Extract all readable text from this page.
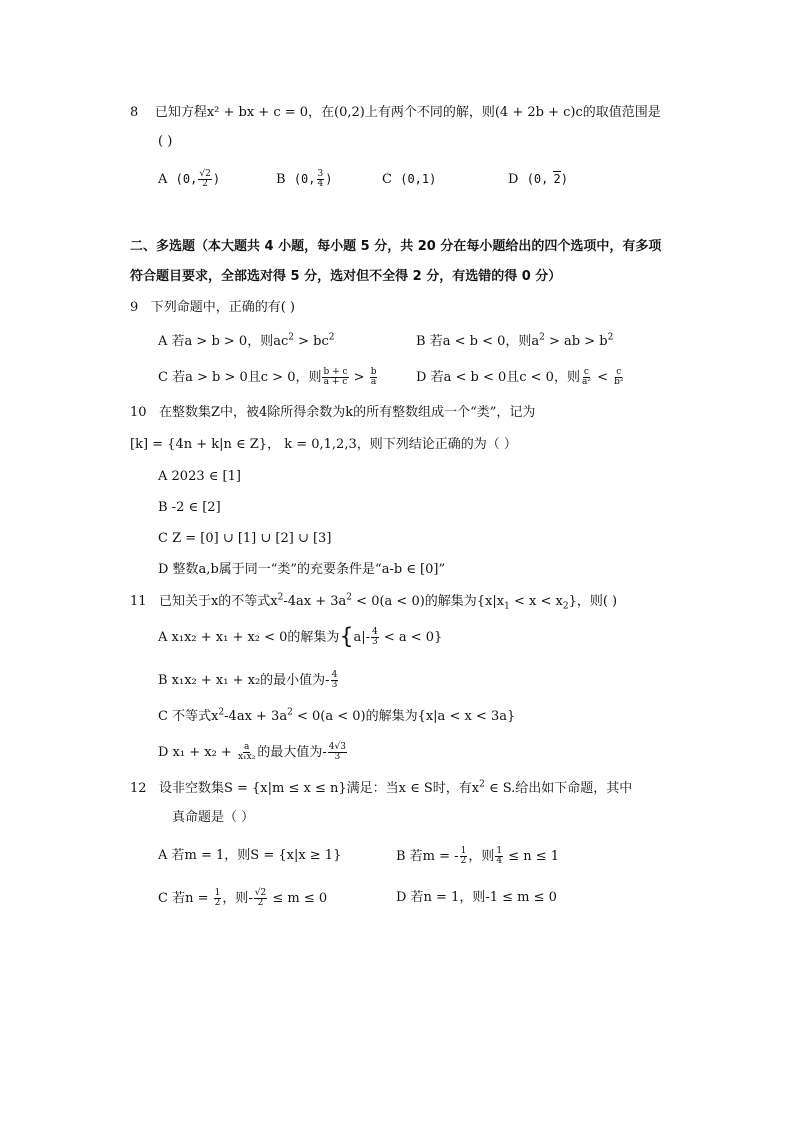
8 已知方程x² + bx + c = 0，在(0,2)上有两个不同的解，则(4 + 2b + c)c的取值范围是
( )
A (0, $\frac{√2}{2}$ )	B (0, $\frac{3}{4}$ )	C (0,1)	D (0, 2)
二、多选题（本大题共 4 小题，每小题 5 分，共 20 分在每小题给出的四个选项中，有多项
符合题目要求，全部选对得 5 分，选对但不全得 2 分，有选错的得 0 分）
9 下列命题中，正确的有( )
A 若a > b > 0，则$ac^2 > bc^2$	B 若a < b < 0，则$a^2$ > ab > $b^2$
C 若a > b > 0且c > 0，则 $\frac{b + c}{a + c} > \frac{b}{a}$	D 若a < b < 0且c < 0，则 $\frac{c}{\text{a²}} < \frac{c}{\text{b²}}$
10 在整数集Z中，被4除所得余数为k的所有整数组成一个“类”，记为
[k] = {4n + k|n ∈ Z}， k = 0,1,2,3，则下列结论正确的为（ ）
A 2023 ∈ [1]
B -2 ∈ [2]
C Z = [0] ∪ [1] ∪ [2] ∪ [3]
D 整数a,b属于同一“类”的充要条件是“a-b ∈ [0]”
11 已知关于x的不等式$x^2-4ax + 3a^2 < 0(a < 0)$的解集为$\{x|x_1 < x < x_2\}$，则( )
A x₁x₂ + x₁ + x₂ < 0的解集为$\{a|- \frac{4}{3} < a < 0\}$
B x₁x₂ + x₁ + x₂的最小值为- $\frac{4}{3}$
C 不等式$x^2-4ax + 3a^2 < 0(a < 0)$的解集为{x|a < x < 3a}
D $x_1 + x_2 + \frac{a}{\text{x₁x₂}}$ 的最大值为- $\frac{4√3}{3}$
12 设非空数集S = {x|m ≤ x ≤ n}满足：当x ∈ S时，有$x^2$ ∈ S.给出如下命题，其中
真命题是（ ）
A 若m = 1，则S = {x|x ≥ 1}	B 若m = - $\frac{1}{2}$ ，则 $\frac{1}{4} \le n \le 1$
C 若$n = \frac{1}{2}$ ，则- $\frac{√2}{2} \le m \le 0$	D 若n = 1，则-1 ≤ m ≤ 0
